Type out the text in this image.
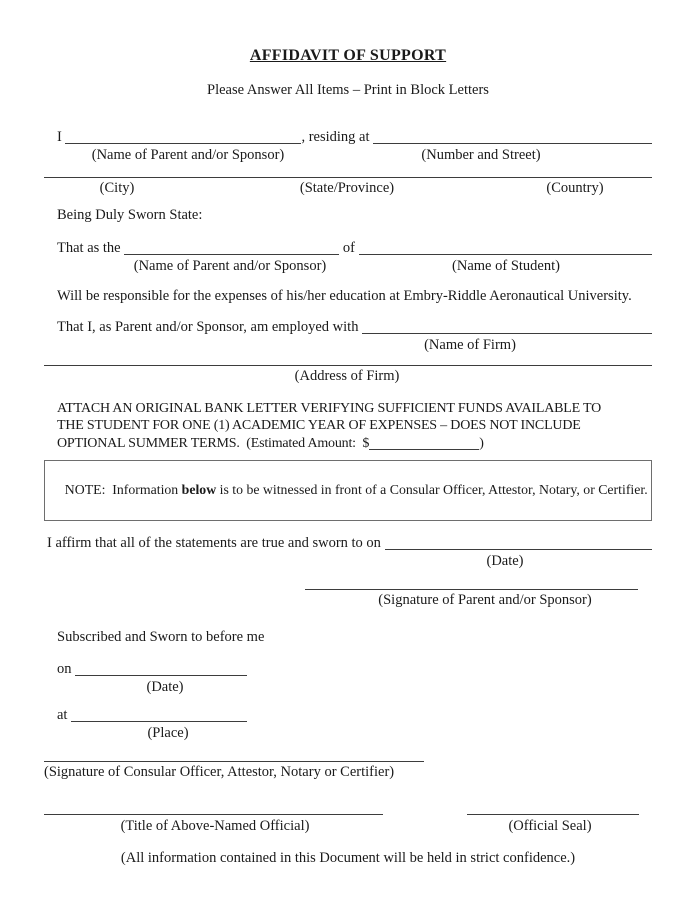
AFFIDAVIT OF SUPPORT
Please Answer All Items – Print in Block Letters
I	, residing at
(Name of Parent and/or Sponsor)	(Number and Street)
(City)	(State/Province)	(Country)
Being Duly Sworn State:
That as the	of
(Name of Parent and/or Sponsor)	(Name of Student)
Will be responsible for the expenses of his/her education at Embry-Riddle Aeronautical University.
That I, as Parent and/or Sponsor, am employed with
(Name of Firm)
(Address of Firm)
ATTACH AN ORIGINAL BANK LETTER VERIFYING SUFFICIENT FUNDS AVAILABLE TO
THE STUDENT FOR ONE (1) ACADEMIC YEAR OF EXPENSES – DOES NOT INCLUDE
OPTIONAL SUMMER TERMS.  (Estimated Amount:  $	)

NOTE:  Information below is to be witnessed in front of a Consular Officer, Attestor, Notary, or Certifier.

I affirm that all of the statements are true and sworn to on
(Date)
(Signature of Parent and/or Sponsor)
Subscribed and Sworn to before me
on
(Date)
at
(Place)
(Signature of Consular Officer, Attestor, Notary or Certifier)
(Title of Above-Named Official)	(Official Seal)
(All information contained in this Document will be held in strict confidence.)
